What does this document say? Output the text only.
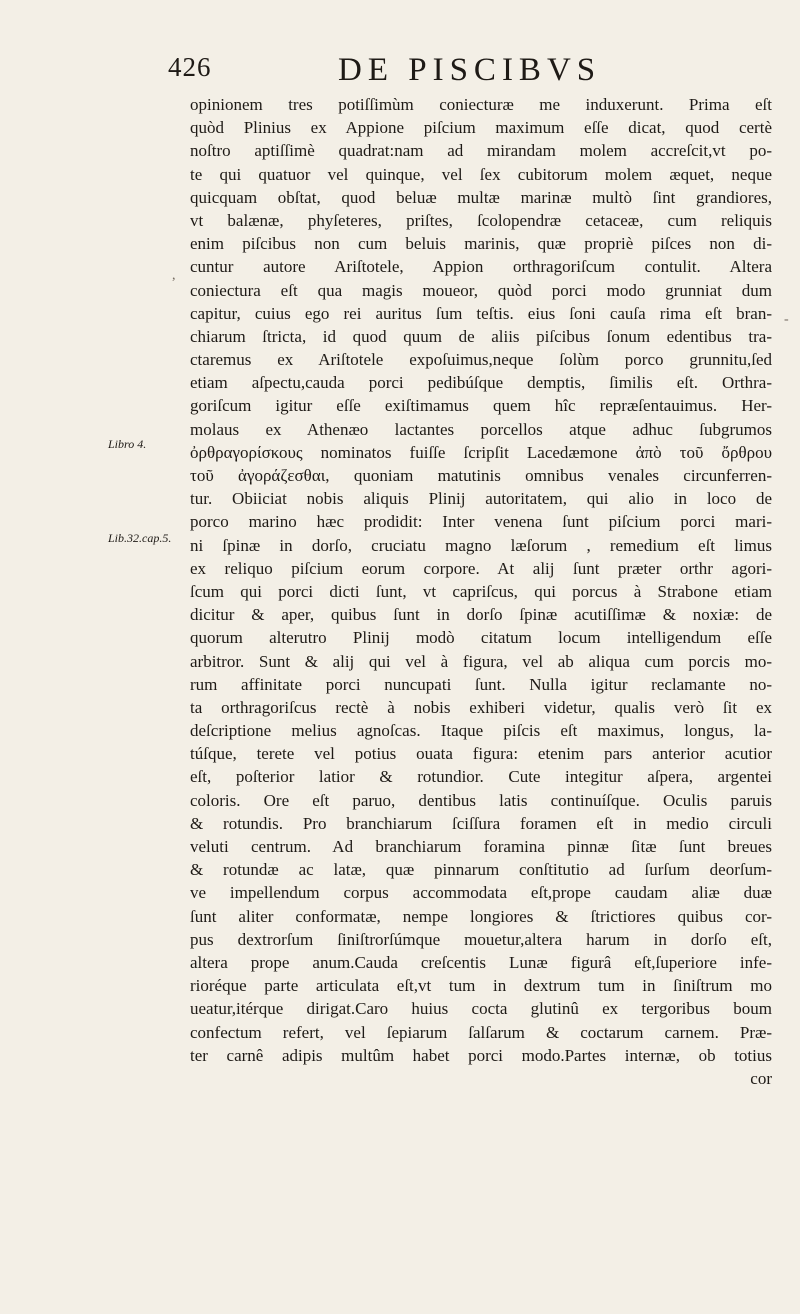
426	DE PISCIBVS
Libro 4.
Lib.32.cap.5.
,
-
opinionem tres potiſſimùm coniecturæ me induxerunt. Prima eſt
quòd Plinius ex Appione piſcium maximum eſſe dicat, quod certè
noſtro aptiſſimè quadrat:nam ad mirandam molem accreſcit,vt po-
te qui quatuor vel quinque, vel ſex cubitorum molem æquet, neque
quicquam obſtat, quod beluæ multæ marinæ multò ſint grandiores,
vt balænæ, phyſeteres, priſtes, ſcolopendræ cetaceæ, cum reliquis
enim piſcibus non cum beluis marinis, quæ propriè piſces non di-
cuntur autore Ariſtotele, Appion orthragoriſcum contulit. Altera
coniectura eſt qua magis moueor, quòd porci modo grunniat dum
capitur, cuius ego rei auritus ſum teſtis. eius ſoni cauſa rima eſt bran-
chiarum ſtricta, id quod quum de aliis piſcibus ſonum edentibus tra-
ctaremus ex Ariſtotele expoſuimus,neque ſolùm porco grunnitu,ſed
etiam aſpectu,cauda porci pedibúſque demptis, ſimilis eſt. Orthra-
goriſcum igitur eſſe exiſtimamus quem hîc repræſentauimus. Her-
molaus ex Athenæo lactantes porcellos atque adhuc ſubgrumos
ὀρθραγορίσκους nominatos fuiſſe ſcripſit Lacedæmone ἀπὸ τοῦ ὄρθρου
τοῦ ἀγοράζεσθαι, quoniam matutinis omnibus venales circunferren-
tur. Obiiciat nobis aliquis Plinij autoritatem, qui alio in loco de
porco marino hæc prodidit: Inter venena ſunt piſcium porci mari-
ni ſpinæ in dorſo, cruciatu magno læſorum , remedium eſt limus
ex reliquo piſcium eorum corpore. At alij ſunt præter orthr agori-
ſcum qui porci dicti ſunt, vt capriſcus, qui porcus à Strabone etiam
dicitur & aper, quibus ſunt in dorſo ſpinæ acutiſſimæ & noxiæ: de
quorum alterutro Plinij modò citatum locum intelligendum eſſe
arbitror. Sunt & alij qui vel à figura, vel ab aliqua cum porcis mo-
rum affinitate porci nuncupati ſunt. Nulla igitur reclamante no-
ta orthragoriſcus rectè à nobis exhiberi videtur, qualis verò ſit ex
deſcriptione melius agnoſcas. Itaque piſcis eſt maximus, longus, la-
túſque, terete vel potius ouata figura: etenim pars anterior acutior
eſt, poſterior latior & rotundior. Cute integitur aſpera, argentei
coloris. Ore eſt paruo, dentibus latis continuíſque. Oculis paruis
& rotundis. Pro branchiarum ſciſſura foramen eſt in medio circuli
veluti centrum. Ad branchiarum foramina pinnæ ſitæ ſunt breues
& rotundæ ac latæ, quæ pinnarum conſtitutio ad ſurſum deorſum-
ve impellendum corpus accommodata eſt,prope caudam aliæ duæ
ſunt aliter conformatæ, nempe longiores & ſtrictiores quibus cor-
pus dextrorſum ſiniſtrorſúmque mouetur,altera harum in dorſo eſt,
altera prope anum.Cauda creſcentis Lunæ figurâ eſt,ſuperiore infe-
rioréque parte articulata eſt,vt tum in dextrum tum in ſiniſtrum mo
ueatur,itérque dirigat.Caro huius cocta glutinû ex tergoribus boum
confectum refert, vel ſepiarum ſalſarum & coctarum carnem. Præ-
ter carnê adipis multûm habet porci modo.Partes internæ, ob totius
cor
